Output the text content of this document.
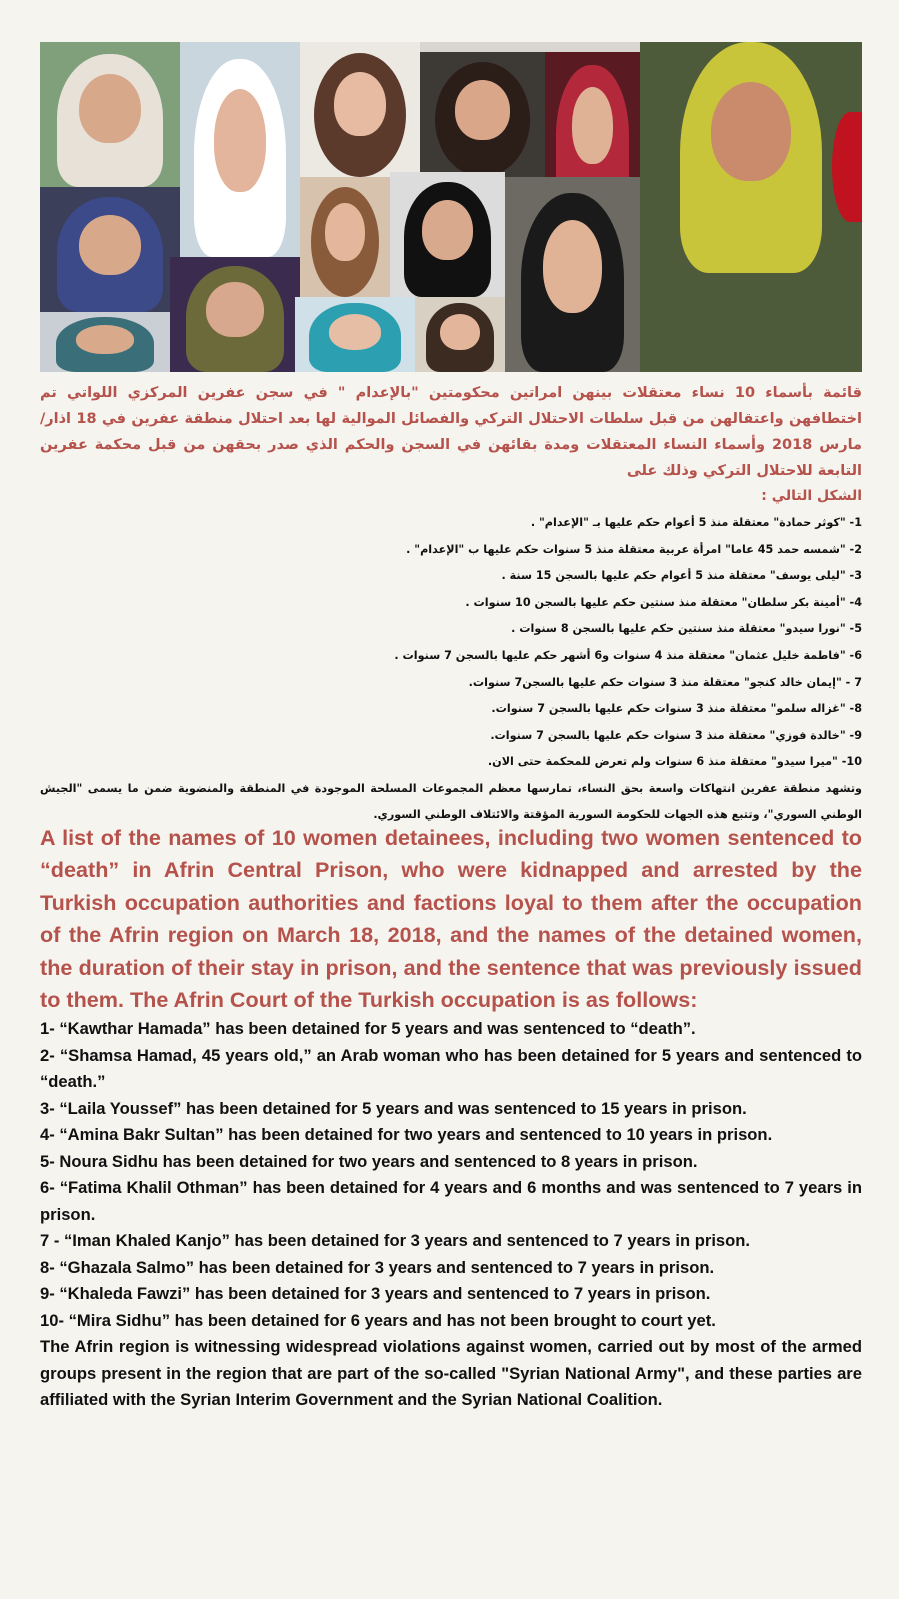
قائمة بأسماء 10 نساء معتقلات بينهن امراتين محكومتين "بالإعدام " في سجن عفرين المركزي اللواتي تم اختطافهن واعتقالهن من قبل سلطات الاحتلال التركي والفصائل الموالية لها بعد احتلال منطقة عفرين في 18 اذار/ مارس 2018 وأسماء النساء المعتقلات ومدة بقائهن في السجن والحكم الذي صدر بحقهن من قبل محكمة عفرين التابعة للاحتلال التركي وذلك على

الشكل التالي :
1- "كوثر حمادة" معتقلة منذ 5 أعوام حكم عليها بـ "الإعدام" .
2- "شمسه حمد 45 عاما" امرأة عربية معتقلة منذ 5 سنوات حكم عليها ب "الإعدام" .
3- "ليلى يوسف" معتقلة منذ 5 أعوام حكم عليها بالسجن 15 سنة .
4- "أمينة بكر سلطان" معتقلة منذ سنتين حكم عليها بالسجن 10 سنوات .
5- "نورا سيدو" معتقلة منذ سنتين حكم عليها بالسجن 8 سنوات .
6- "فاطمة خليل عثمان" معتقلة منذ 4 سنوات و6 أشهر حكم عليها بالسجن 7 سنوات .
7 - "إيمان خالد كنجو" معتقلة منذ 3 سنوات حكم عليها بالسجن7 سنوات.
8- "غزاله سلمو" معتقلة منذ 3 سنوات حكم عليها بالسجن 7 سنوات.
9- "خالدة فوزي" معتقلة منذ 3 سنوات حكم عليها بالسجن 7 سنوات.
10- "ميرا سيدو" معتقلة منذ 6 سنوات ولم تعرض للمحكمة حتى الان.

وتشهد منطقة عفرين انتهاكات واسعة بحق النساء، تمارسها معظم المجموعات المسلحة الموجودة في المنطقة والمنضوية ضمن ما يسمى "الجيش الوطني السوري"، وتتبع هذه الجهات للحكومة السورية المؤقتة والائتلاف الوطني السوري.

A list of the names of 10 women detainees, including two women sentenced to “death” in Afrin Central Prison, who were kidnapped and arrested by the Turkish occupation authorities and factions loyal to them after the occupation of the Afrin region on March 18, 2018, and the names of the detained women, the duration of their stay in prison, and the sentence that was previously issued to them. The Afrin Court of the Turkish occupation is as follows:

1- “Kawthar Hamada” has been detained for 5 years and was sentenced to “death”.
2- “Shamsa Hamad, 45 years old,” an Arab woman who has been detained for 5 years and sentenced to “death.”
3- “Laila Youssef” has been detained for 5 years and was sentenced to 15 years in prison.
4- “Amina Bakr Sultan” has been detained for two years and sentenced to 10 years in prison.
5- Noura Sidhu has been detained for two years and sentenced to 8 years in prison.
6- “Fatima Khalil Othman” has been detained for 4 years and 6 months and was sentenced to 7 years in prison.
7 - “Iman Khaled Kanjo” has been detained for 3 years and sentenced to 7 years in prison.
8- “Ghazala Salmo” has been detained for 3 years and sentenced to 7 years in prison.
9- “Khaleda Fawzi” has been detained for 3 years and sentenced to 7 years in prison.
10- “Mira Sidhu” has been detained for 6 years and has not been brought to court yet.

The Afrin region is witnessing widespread violations against women, carried out by most of the armed groups present in the region that are part of the so-called "Syrian National Army", and these parties are affiliated with the Syrian Interim Government and the Syrian National Coalition.
